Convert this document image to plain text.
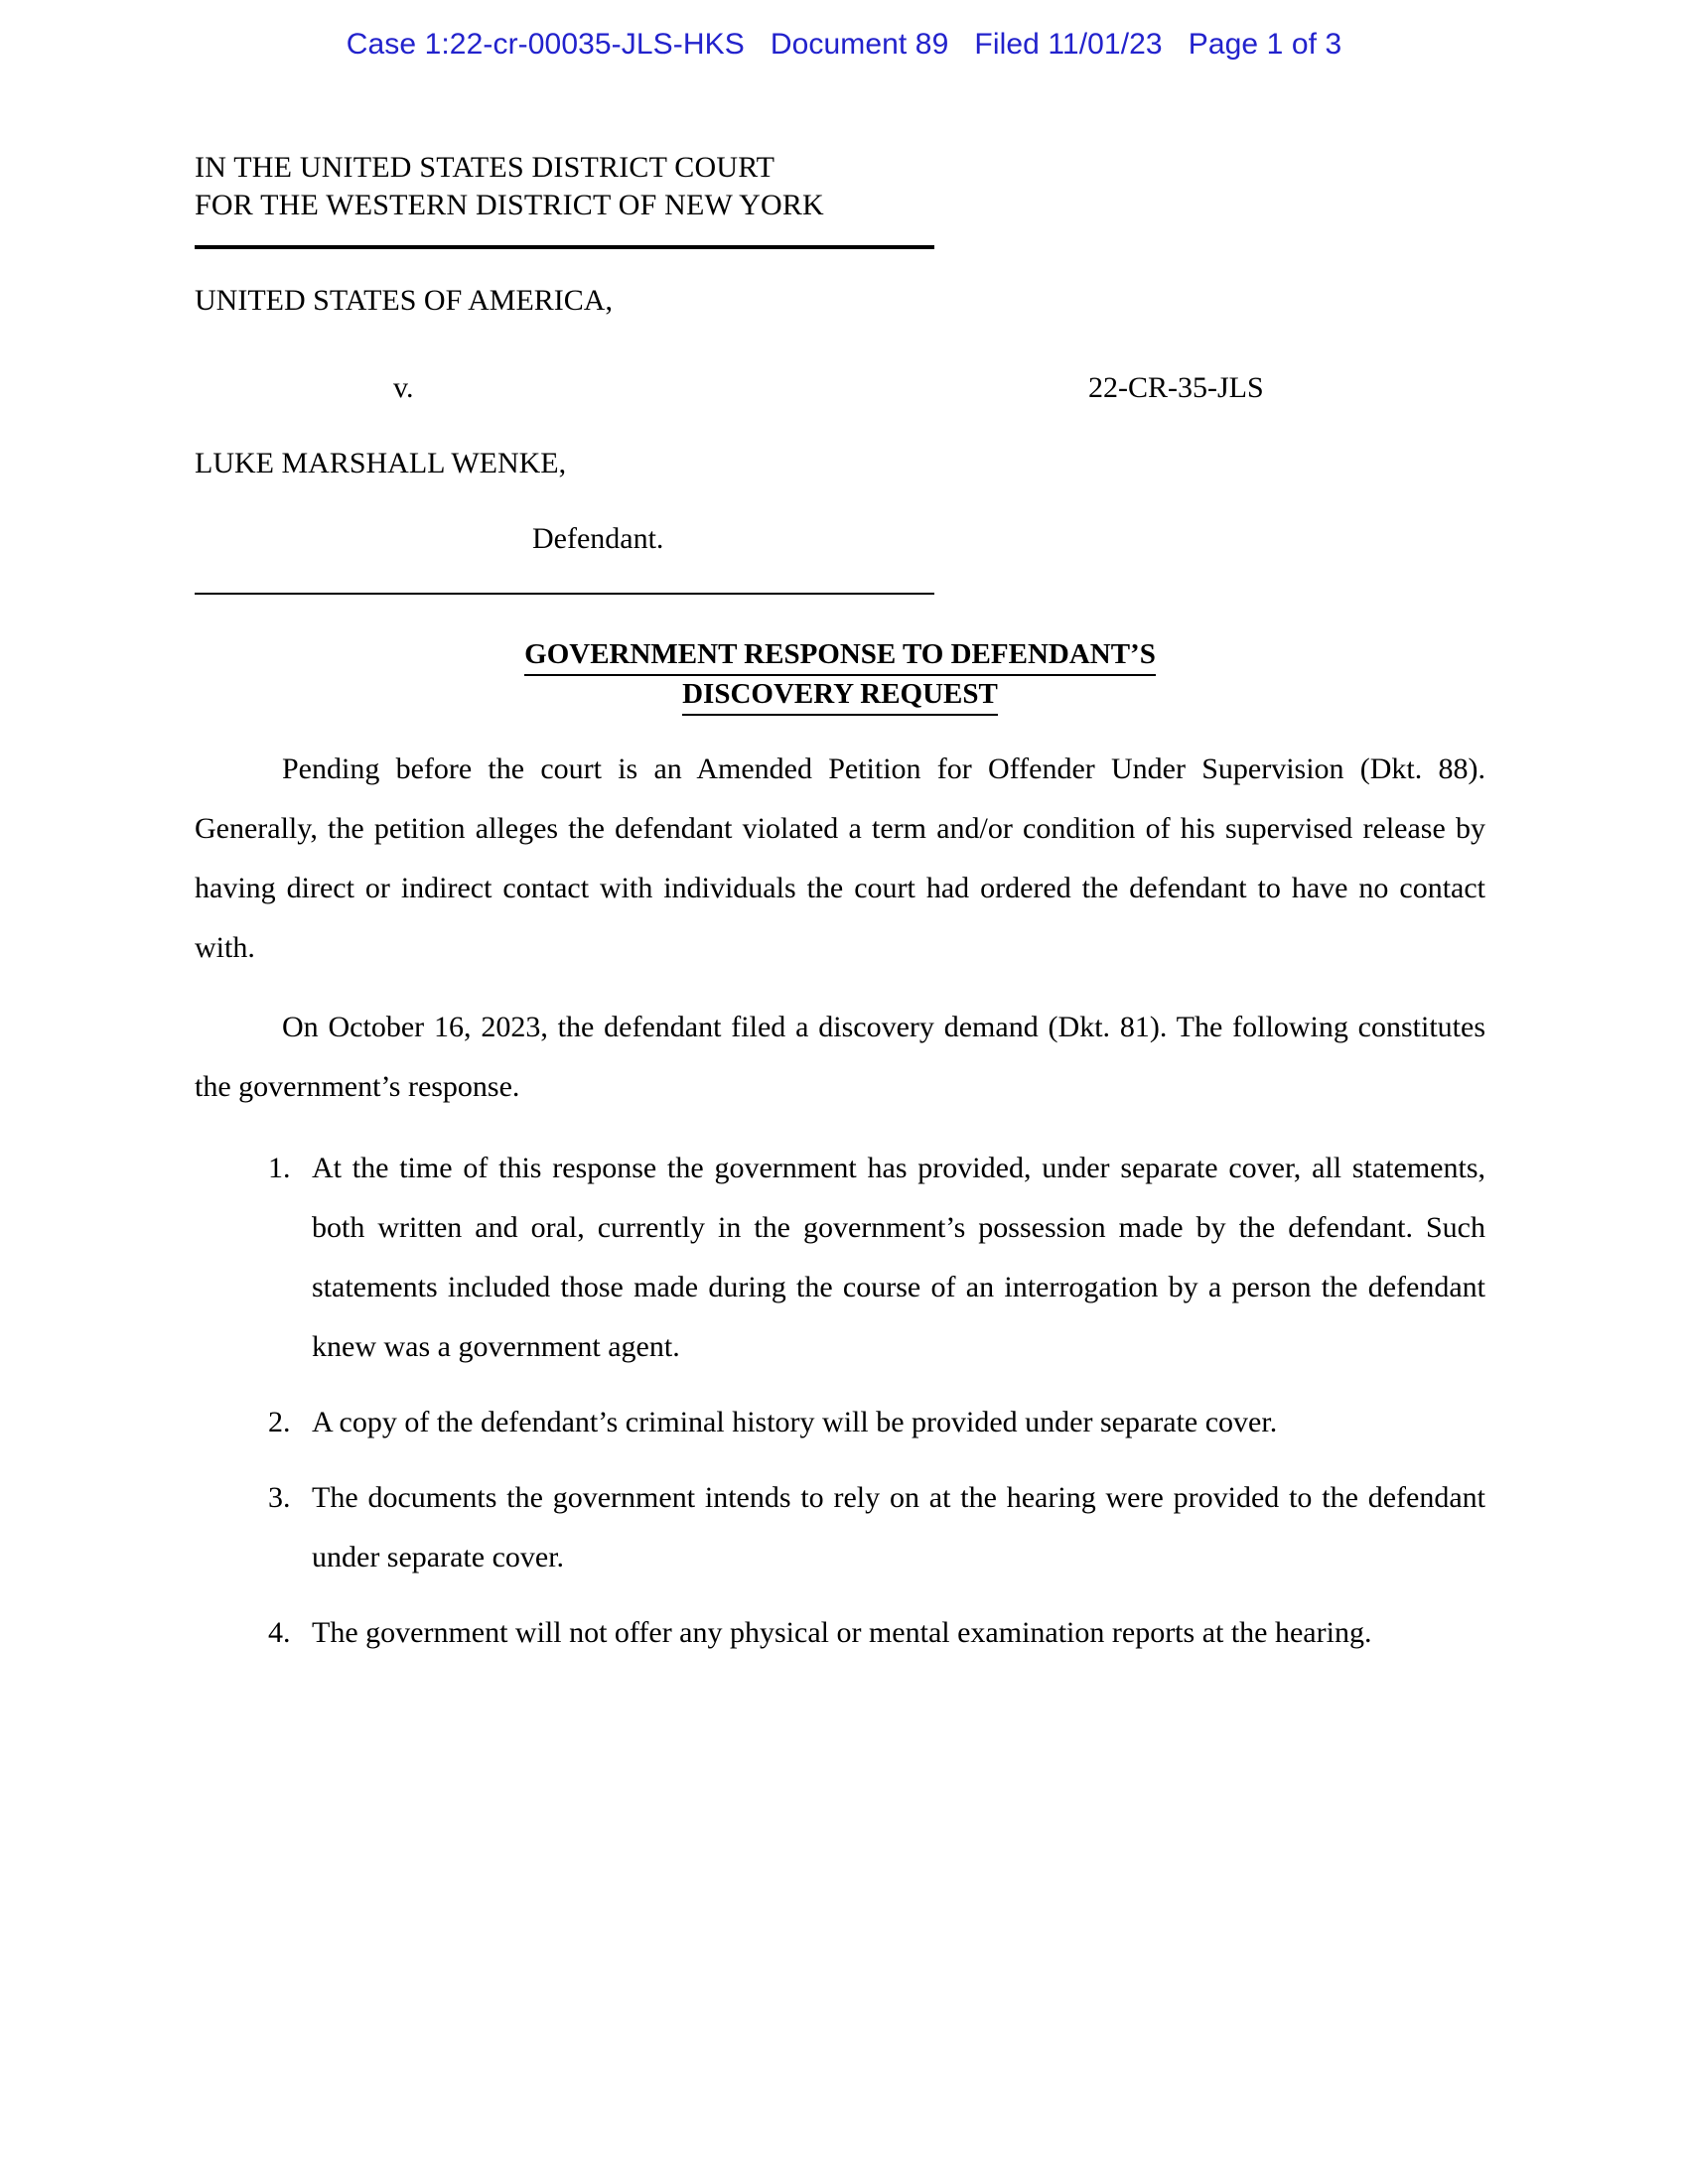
Case 1:22-cr-00035-JLS-HKS Document 89 Filed 11/01/23 Page 1 of 3
IN THE UNITED STATES DISTRICT COURT
FOR THE WESTERN DISTRICT OF NEW YORK
UNITED STATES OF AMERICA,
v.	22-CR-35-JLS
LUKE MARSHALL WENKE,
Defendant.
GOVERNMENT RESPONSE TO DEFENDANT’S
DISCOVERY REQUEST

Pending before the court is an Amended Petition for Offender Under Supervision (Dkt. 88). Generally, the petition alleges the defendant violated a term and/or condition of his supervised release by having direct or indirect contact with individuals the court had ordered the defendant to have no contact with.

On October 16, 2023, the defendant filed a discovery demand (Dkt. 81). The following constitutes the government’s response.

At the time of this response the government has provided, under separate cover, all statements, both written and oral, currently in the government’s possession made by the defendant. Such statements included those made during the course of an interrogation by a person the defendant knew was a government agent.
A copy of the defendant’s criminal history will be provided under separate cover.
The documents the government intends to rely on at the hearing were provided to the defendant under separate cover.
The government will not offer any physical or mental examination reports at the hearing.
